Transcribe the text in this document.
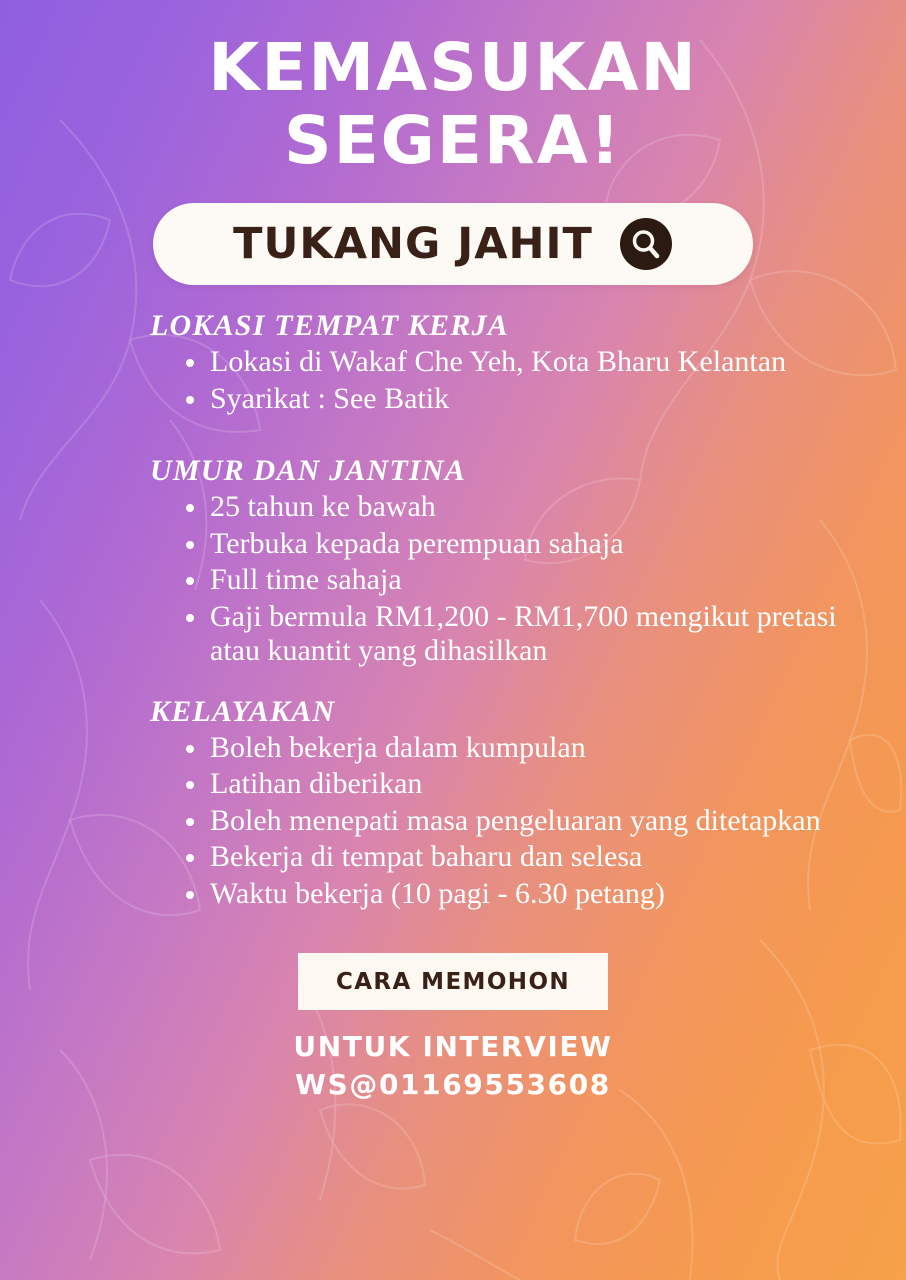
KEMASUKAN
SEGERA!
TUKANG JAHIT
LOKASI TEMPAT KERJA
Lokasi di Wakaf Che Yeh, Kota Bharu Kelantan
Syarikat : See Batik
UMUR DAN JANTINA
25 tahun ke bawah
Terbuka kepada perempuan sahaja
Full time sahaja
Gaji bermula RM1,200 - RM1,700 mengikut pretasi atau kuantit yang dihasilkan
KELAYAKAN
Boleh bekerja dalam kumpulan
Latihan diberikan
Boleh menepati masa pengeluaran yang ditetapkan
Bekerja di tempat baharu dan selesa
Waktu bekerja (10 pagi - 6.30 petang)
CARA MEMOHON
UNTUK INTERVIEW
WS@01169553608
